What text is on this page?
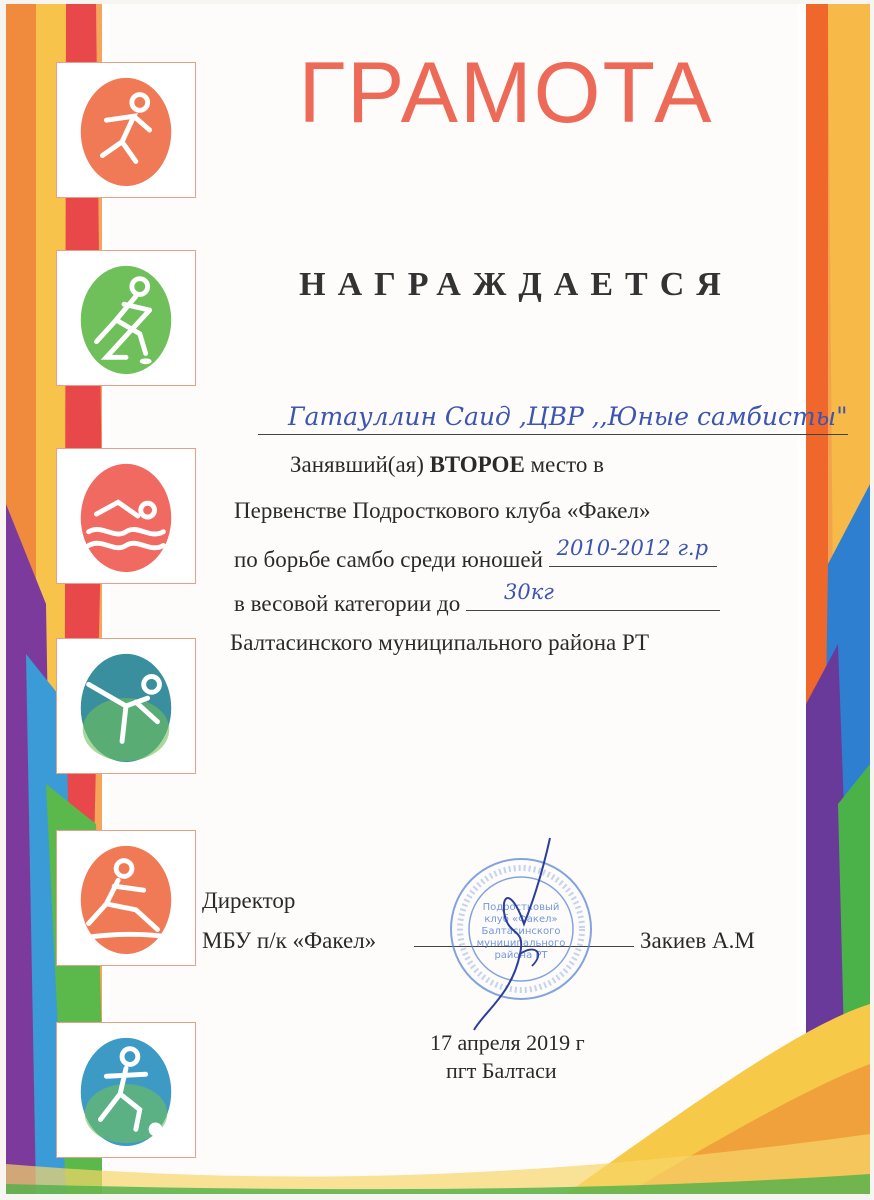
ГРАМОТА
НАГРАЖДАЕТСЯ
Гатауллин Саид ,ЦВР ,,Юные самбисты"
Занявший(ая) ВТОРОЕ место в
Первенстве Подросткового клуба «Факел»
по борьбе самбо среди юношей 2010-2012 г.р
в весовой категории до 30кг
Балтасинского муниципального района РТ
Директор
МБУ п/к «Факел»	Закиев А.М
Подростковый
клуб «Факел»
Балтасинского
муниципального
района РТ
17 апреля 2019 г
пгт Балтаси
